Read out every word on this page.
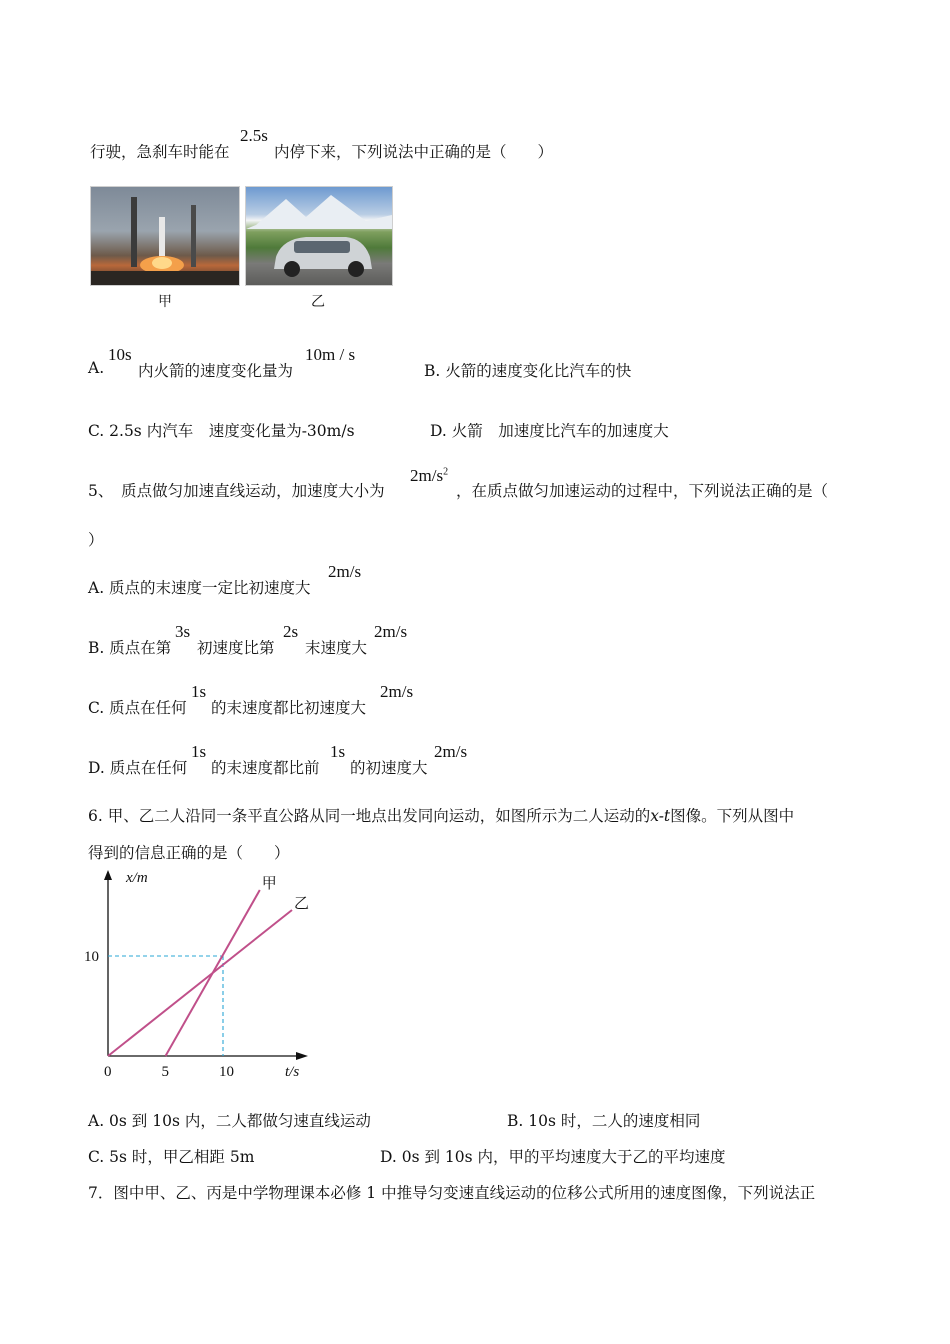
行驶，急刹车时能在
2.5s
内停下来，下列说法中正确的是（　　）
甲	乙
A.
10s
内火箭的速度变化量为
10m / s
B. 火箭的速度变化比汽车的快
C. 2.5s 内汽车　速度变化量为-30m/s	D. 火箭　加速度比汽车的加速度大
5、　质点做匀加速直线运动，加速度大小为
$2m/s^2$
，在质点做匀加速运动的过程中，下列说法正确的是（
）
A. 质点的末速度一定比初速度大
2m/s
B. 质点在第
3s
初速度比第
2s
末速度大
2m/s
C. 质点在任何
1s
的末速度都比初速度大
2m/s
D. 质点在任何
1s
的末速度都比前
1s
的初速度大
2m/s
6. 甲、乙二人沿同一条平直公路从同一地点出发同向运动，如图所示为二人运动的x-t图像。下列从图中
得到的信息正确的是（　　）
甲
乙
0	5	10
10
x/m
t/s
A. 0s 到 10s 内，二人都做匀速直线运动	B. 10s 时，二人的速度相同
C. 5s 时，甲乙相距 5m	D. 0s 到 10s 内，甲的平均速度大于乙的平均速度
7．图中甲、乙、丙是中学物理课本必修 1 中推导匀变速直线运动的位移公式所用的速度图像，下列说法正
